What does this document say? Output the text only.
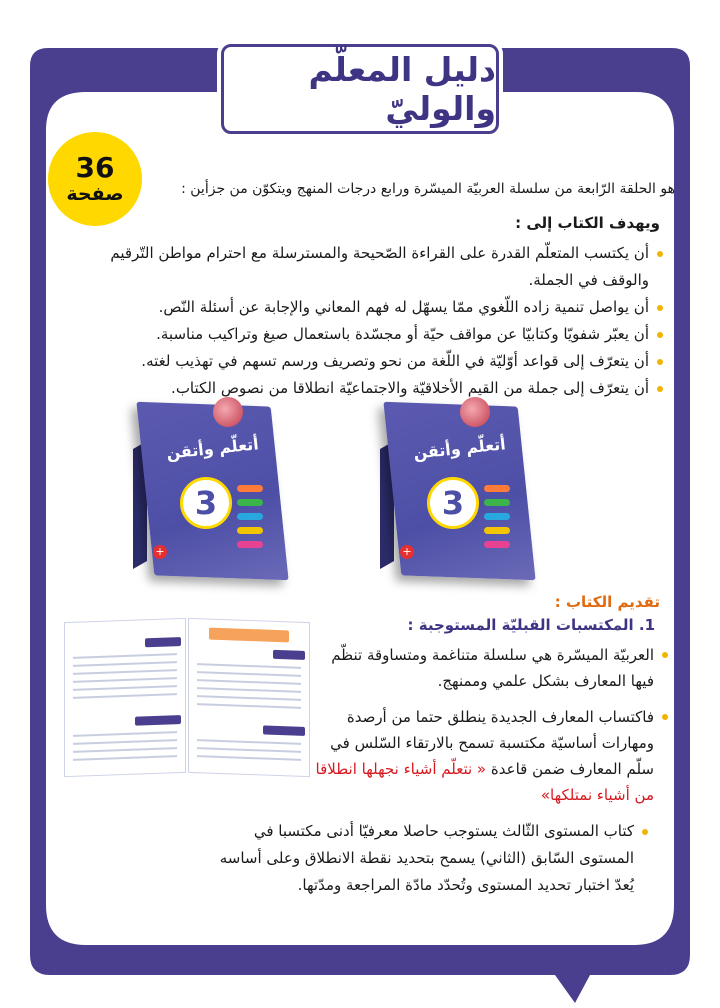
دليل المعلّم والوليّ
36
صفحة	هو الحلقة الرّابعة من سلسلة العربيّة الميسّرة ورابع درجات المنهج ويتكوّن من جزأين :

ويهدف الكتاب إلى :

أن يكتسب المتعلّم القدرة على القراءة الصّحيحة والمسترسلة مع احترام مواطن التّرقيم والوقف في الجملة.
أن يواصل تنمية زاده اللّغوي ممّا يسهّل له فهم المعاني والإجابة عن أسئلة النّص.
أن يعبّر شفويّا وكتابيّا عن مواقف حيّة أو مجسّدة باستعمال صيغ وتراكيب مناسبة.
أن يتعرّف إلى قواعد أوّليّة في اللّغة من نحو وتصريف ورسم تسهم في تهذيب لغته.
أن يتعرّف إلى جملة من القيم الأخلاقيّة والاجتماعيّة انطلاقا من نصوص الكتاب.
أتعلّم وأتقن
3
+
أتعلّم وأتقن
3
+

تقديم الكتاب :

1. المكتسبات القبليّة المستوجبة :

العربيّة الميسّرة هي سلسلة متناغمة ومتساوقة تنظّم فيها المعارف بشكل علمي وممنهج.
فاكتساب المعارف الجديدة ينطلق حتما من أرصدة ومهارات أساسيّة مكتسبة تسمح بالارتقاء السّلس في سلّم المعارف ضمن قاعدة « نتعلّم أشياء نجهلها انطلاقا من أشياء نمتلكها»
كتاب المستوى الثّالث يستوجب حاصلا معرفيّا أدنى مكتسبا في المستوى السّابق (الثاني) يسمح بتحديد نقطة الانطلاق وعلى أساسه يُعدّ اختبار تحديد المستوى وتُحدّد مادّة المراجعة ومدّتها.
